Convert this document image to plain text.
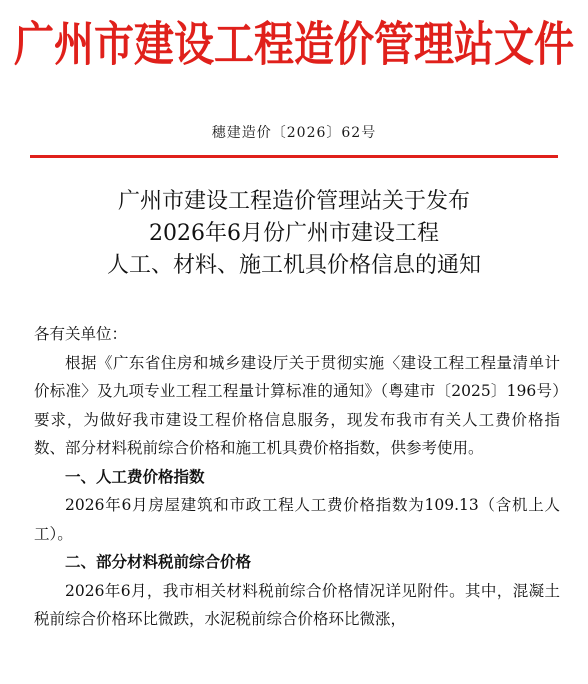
广州市建设工程造价管理站文件
穗建造价〔2026〕62号
广州市建设工程造价管理站关于发布
2026年6月份广州市建设工程
人工、材料、施工机具价格信息的通知

各有关单位：

根据《广东省住房和城乡建设厅关于贯彻实施〈建设工程工程量清单计价标准〉及九项专业工程工程量计算标准的通知》（粤建市〔2025〕196号）要求，为做好我市建设工程价格信息服务，现发布我市有关人工费价格指数、部分材料税前综合价格和施工机具费价格指数，供参考使用。

一、人工费价格指数

2026年6月房屋建筑和市政工程人工费价格指数为109.13（含机上人工）。

二、部分材料税前综合价格

2026年6月，我市相关材料税前综合价格情况详见附件。其中，混凝土税前综合价格环比微跌，水泥税前综合价格环比微涨，
